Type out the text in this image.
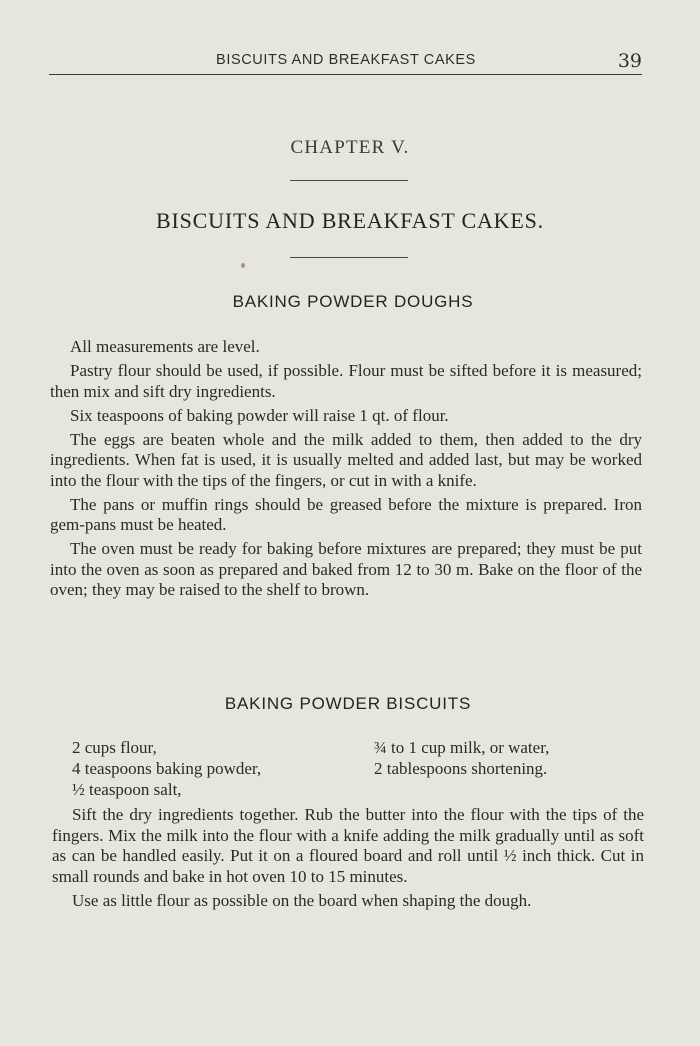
BISCUITS AND BREAKFAST CAKES	39
CHAPTER V.
BISCUITS AND BREAKFAST CAKES.
BAKING POWDER DOUGHS

All measurements are level.

Pastry flour should be used, if possible. Flour must be sifted before it is measured; then mix and sift dry ingredients.

Six teaspoons of baking powder will raise 1 qt. of flour.

The eggs are beaten whole and the milk added to them, then added to the dry ingredients. When fat is used, it is usually melted and added last, but may be worked into the flour with the tips of the fingers, or cut in with a knife.

The pans or muffin rings should be greased before the mixture is prepared. Iron gem-pans must be heated.

The oven must be ready for baking before mixtures are prepared; they must be put into the oven as soon as prepared and baked from 12 to 30 m. Bake on the floor of the oven; they may be raised to the shelf to brown.

BAKING POWDER BISCUITS
2 cups flour,
4 teaspoons baking powder,
½ teaspoon salt,
¾ to 1 cup milk, or water,
2 tablespoons shortening.

Sift the dry ingredients together. Rub the butter into the flour with the tips of the fingers. Mix the milk into the flour with a knife adding the milk gradually until as soft as can be handled easily. Put it on a floured board and roll until ½ inch thick. Cut in small rounds and bake in hot oven 10 to 15 minutes.

Use as little flour as possible on the board when shaping the dough.
